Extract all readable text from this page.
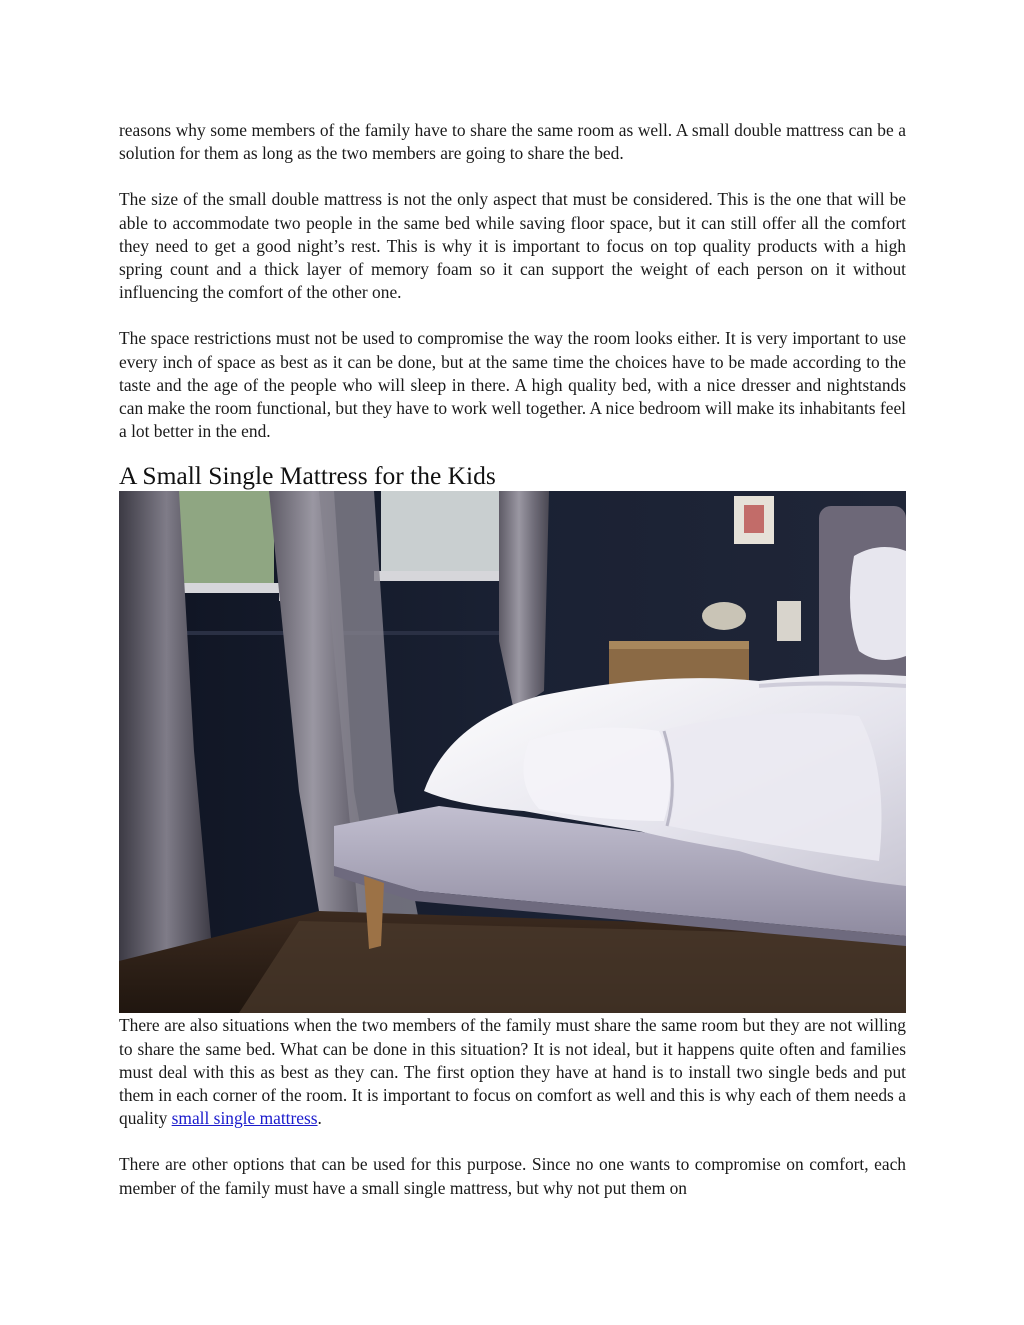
reasons why some members of the family have to share the same room as well. A small double mattress can be a solution for them as long as the two members are going to share the bed.

The size of the small double mattress is not the only aspect that must be considered. This is the one that will be able to accommodate two people in the same bed while saving floor space, but it can still offer all the comfort they need to get a good night’s rest. This is why it is important to focus on top quality products with a high spring count and a thick layer of memory foam so it can support the weight of each person on it without influencing the comfort of the other one.

The space restrictions must not be used to compromise the way the room looks either. It is very important to use every inch of space as best as it can be done, but at the same time the choices have to be made according to the taste and the age of the people who will sleep in there. A high quality bed, with a nice dresser and nightstands can make the room functional, but they have to work well together. A nice bedroom will make its inhabitants feel a lot better in the end.

A Small Single Mattress for the Kids

There are also situations when the two members of the family must share the same room but they are not willing to share the same bed. What can be done in this situation? It is not ideal, but it happens quite often and families must deal with this as best as they can. The first option they have at hand is to install two single beds and put them in each corner of the room. It is important to focus on comfort as well and this is why each of them needs a quality small single mattress.

There are other options that can be used for this purpose. Since no one wants to compromise on comfort, each member of the family must have a small single mattress, but why not put them on
